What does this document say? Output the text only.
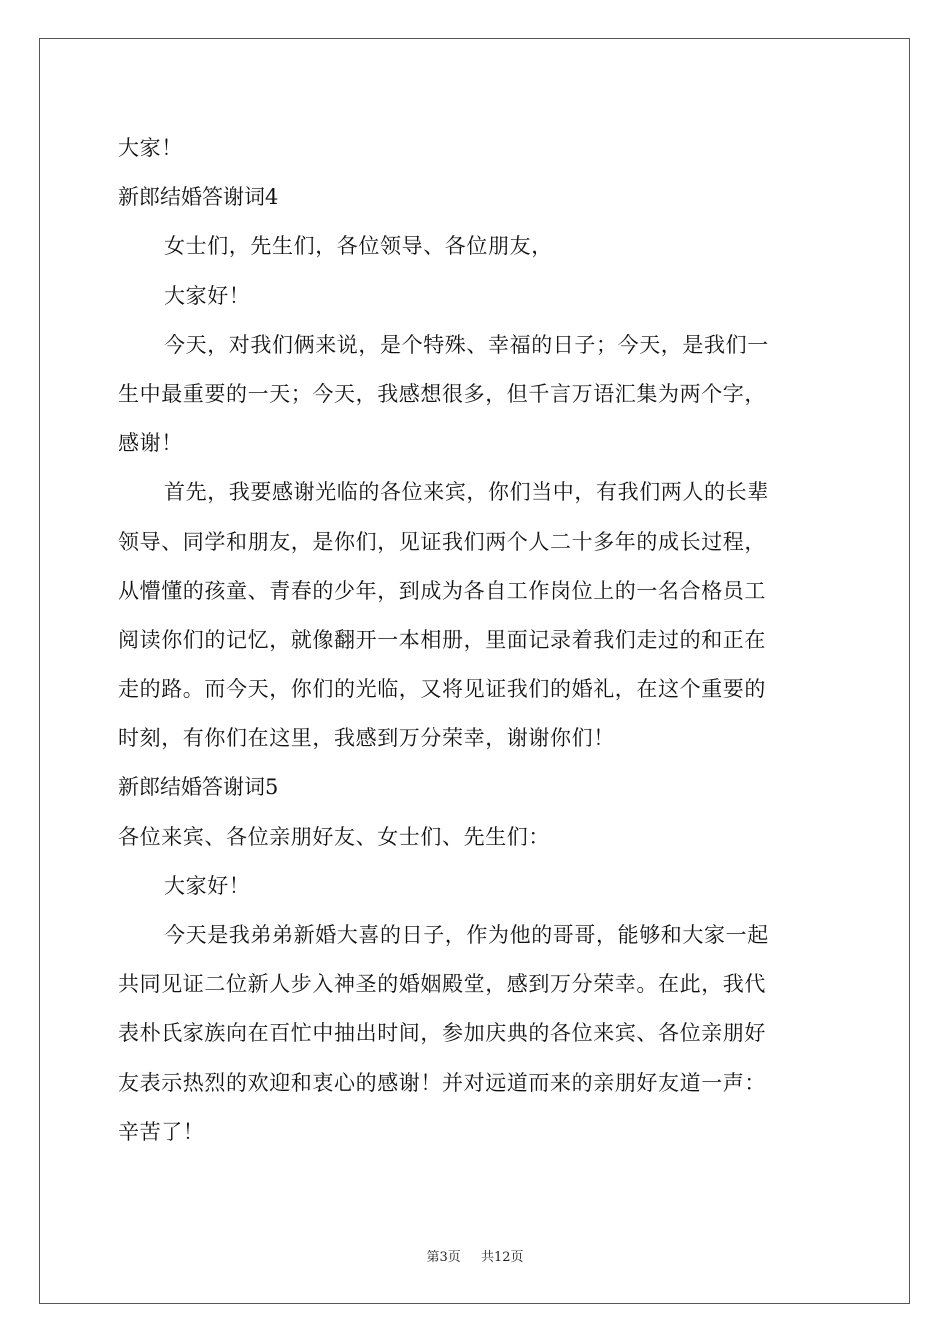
大家！
新郎结婚答谢词4
女士们，先生们，各位领导、各位朋友，
大家好！
今天，对我们俩来说，是个特殊、幸福的日子；今天，是我们一
生中最重要的一天；今天，我感想很多，但千言万语汇集为两个字，
感谢！
首先，我要感谢光临的各位来宾，你们当中，有我们两人的长辈
领导、同学和朋友，是你们，见证我们两个人二十多年的成长过程，
从懵懂的孩童、青春的少年，到成为各自工作岗位上的一名合格员工
阅读你们的记忆，就像翻开一本相册，里面记录着我们走过的和正在
走的路。而今天，你们的光临，又将见证我们的婚礼，在这个重要的
时刻，有你们在这里，我感到万分荣幸，谢谢你们！
新郎结婚答谢词5
各位来宾、各位亲朋好友、女士们、先生们：
大家好！
今天是我弟弟新婚大喜的日子，作为他的哥哥，能够和大家一起
共同见证二位新人步入神圣的婚姻殿堂，感到万分荣幸。在此，我代
表朴氏家族向在百忙中抽出时间，参加庆典的各位来宾、各位亲朋好
友表示热烈的欢迎和衷心的感谢！并对远道而来的亲朋好友道一声：
辛苦了！
第3页 共12页
